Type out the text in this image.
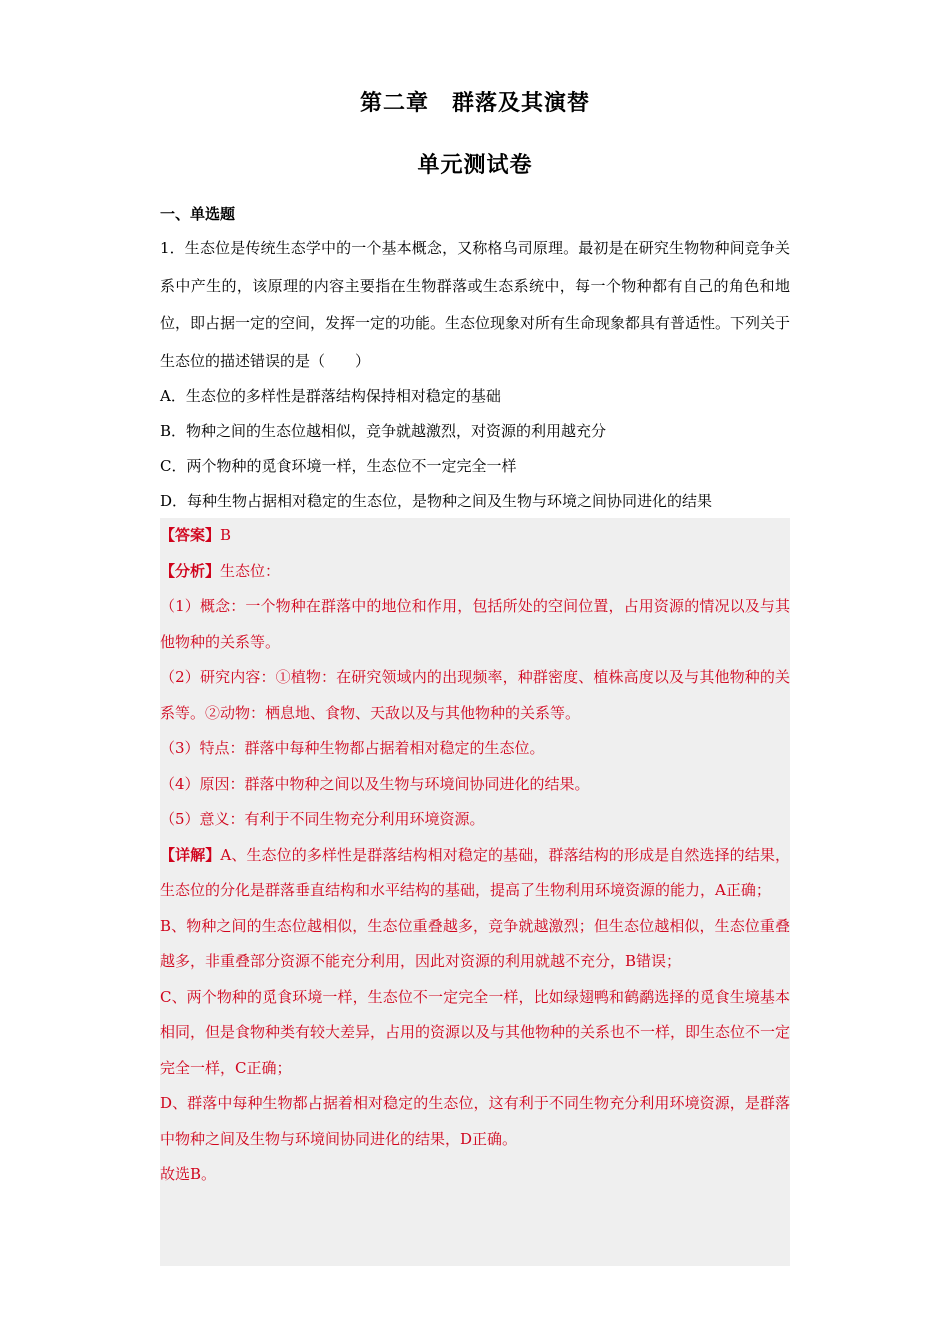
第二章　群落及其演替
单元测试卷
一、单选题

1．生态位是传统生态学中的一个基本概念，又称格乌司原理。最初是在研究生物物种间竞争关系中产生的，该原理的内容主要指在生物群落或生态系统中，每一个物种都有自己的角色和地位，即占据一定的空间，发挥一定的功能。生态位现象对所有生命现象都具有普适性。下列关于生态位的描述错误的是（　　）

A．生态位的多样性是群落结构保持相对稳定的基础

B．物种之间的生态位越相似，竞争就越激烈，对资源的利用越充分

C．两个物种的觅食环境一样，生态位不一定完全一样

D．每种生物占据相对稳定的生态位，是物种之间及生物与环境之间协同进化的结果

【答案】B

【分析】生态位：

（1）概念：一个物种在群落中的地位和作用，包括所处的空间位置，占用资源的情况以及与其他物种的关系等。

（2）研究内容：①植物：在研究领域内的出现频率，种群密度、植株高度以及与其他物种的关系等。②动物：栖息地、食物、天敌以及与其他物种的关系等。

（3）特点：群落中每种生物都占据着相对稳定的生态位。

（4）原因：群落中物种之间以及生物与环境间协同进化的结果。

（5）意义：有利于不同生物充分利用环境资源。

【详解】A、生态位的多样性是群落结构相对稳定的基础，群落结构的形成是自然选择的结果，生态位的分化是群落垂直结构和水平结构的基础，提高了生物利用环境资源的能力，A正确；

B、物种之间的生态位越相似，生态位重叠越多，竞争就越激烈；但生态位越相似，生态位重叠越多，非重叠部分资源不能充分利用，因此对资源的利用就越不充分，B错误；

C、两个物种的觅食环境一样，生态位不一定完全一样，比如绿翅鸭和鹤鹬选择的觅食生境基本相同，但是食物种类有较大差异，占用的资源以及与其他物种的关系也不一样，即生态位不一定完全一样，C正确；

D、群落中每种生物都占据着相对稳定的生态位，这有利于不同生物充分利用环境资源，是群落中物种之间及生物与环境间协同进化的结果，D正确。

故选B。
